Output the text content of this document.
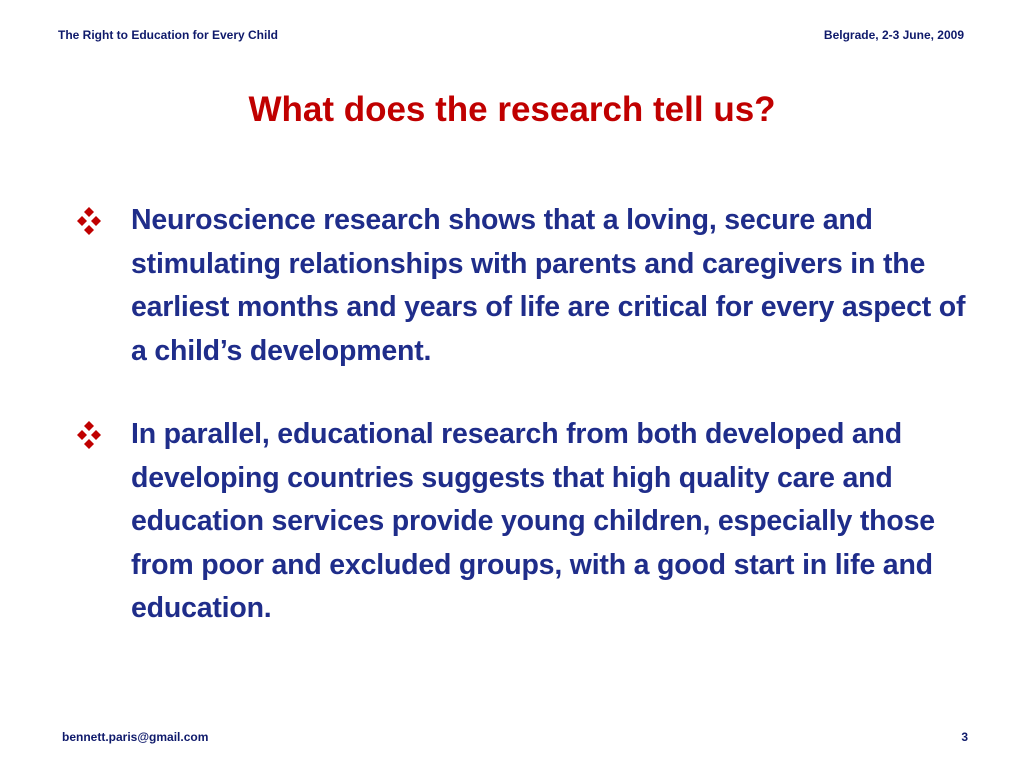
The Right to Education for Every Child	Belgrade, 2-3 June, 2009
What does the research tell us?
Neuroscience research shows that a loving, secure and stimulating relationships with parents and caregivers in the earliest months and years of life are critical for every aspect of a child’s development.
In parallel, educational research from both developed and developing countries suggests that high quality care and education services provide young children, especially those from poor and excluded groups, with a good start in life and education.
bennett.paris@gmail.com	3
